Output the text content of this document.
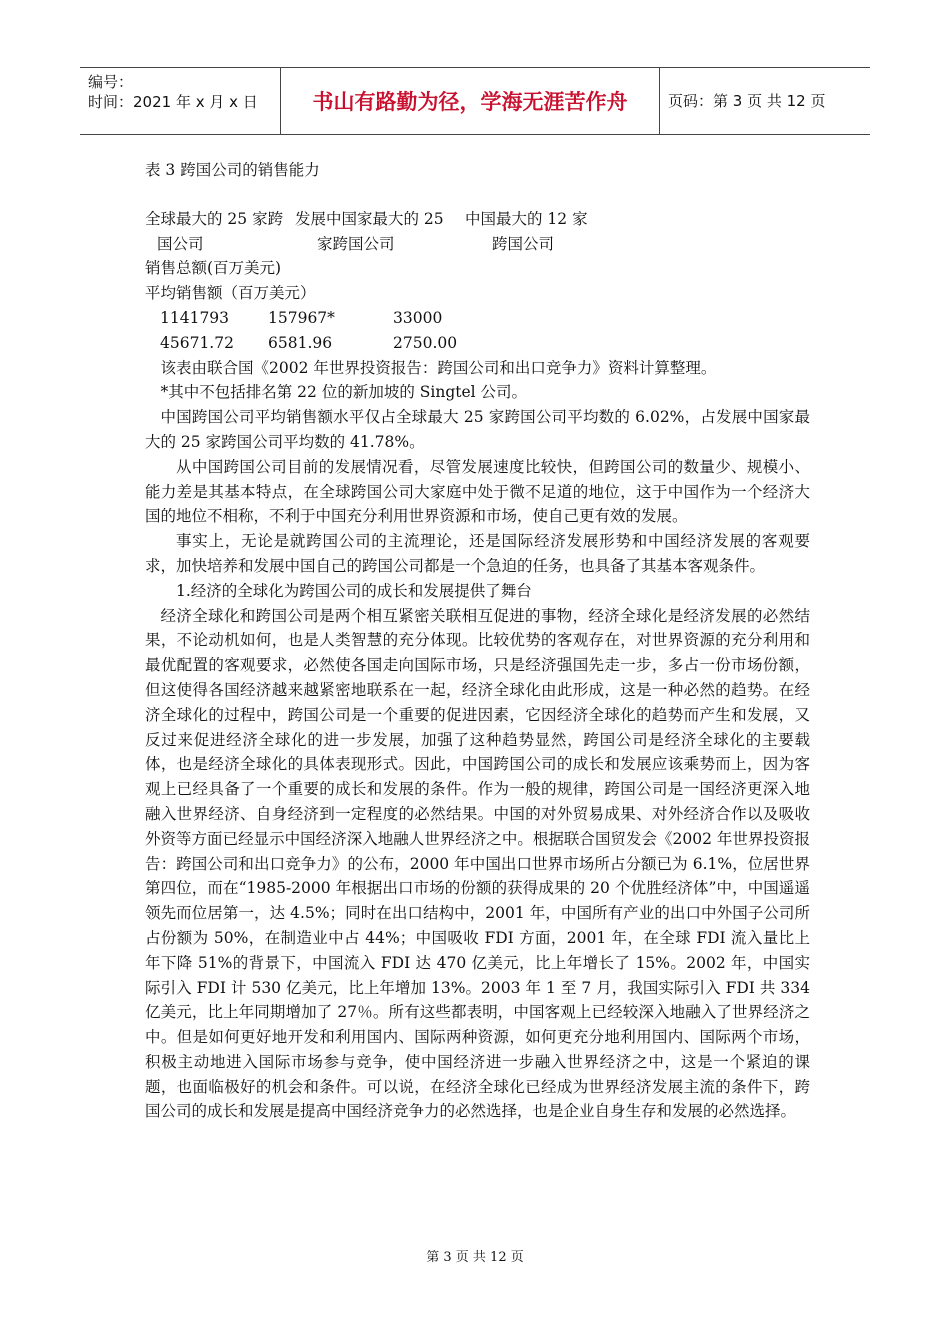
编号：
时间：2021 年 x 月 x 日	书山有路勤为径，学海无涯苦作舟	页码：第 3 页 共 12 页

表 3 跨国公司的销售能力

全球最大的 25 家跨 发展中国家最大的 25	中国最大的 12 家
国公司	家跨国公司	跨国公司

销售总额(百万美元)

平均销售额（百万美元）

1141793	157967*	33000
45671.72	6581.96	2750.00

该表由联合国《2002 年世界投资报告：跨国公司和出口竞争力》资料计算整理。

*其中不包括排名第 22 位的新加坡的 Singtel 公司。

中国跨国公司平均销售额水平仅占全球最大 25 家跨国公司平均数的 6.02%，占发展中国家最大的 25 家跨国公司平均数的 41.78%。

从中国跨国公司目前的发展情况看，尽管发展速度比较快，但跨国公司的数量少、规模小、能力差是其基本特点，在全球跨国公司大家庭中处于微不足道的地位，这于中国作为一个经济大国的地位不相称，不利于中国充分利用世界资源和市场，使自己更有效的发展。

事实上，无论是就跨国公司的主流理论，还是国际经济发展形势和中国经济发展的客观要求，加快培养和发展中国自己的跨国公司都是一个急迫的任务，也具备了其基本客观条件。

1.经济的全球化为跨国公司的成长和发展提供了舞台

经济全球化和跨国公司是两个相互紧密关联相互促进的事物，经济全球化是经济发展的必然结果，不论动机如何，也是人类智慧的充分体现。比较优势的客观存在，对世界资源的充分利用和最优配置的客观要求，必然使各国走向国际市场，只是经济强国先走一步，多占一份市场份额，但这使得各国经济越来越紧密地联系在一起，经济全球化由此形成，这是一种必然的趋势。在经济全球化的过程中，跨国公司是一个重要的促进因素，它因经济全球化的趋势而产生和发展，又反过来促进经济全球化的进一步发展，加强了这种趋势显然，跨国公司是经济全球化的主要载体，也是经济全球化的具体表现形式。因此，中国跨国公司的成长和发展应该乘势而上，因为客观上已经具备了一个重要的成长和发展的条件。作为一般的规律，跨国公司是一国经济更深入地融入世界经济、自身经济到一定程度的必然结果。中国的对外贸易成果、对外经济合作以及吸收外资等方面已经显示中国经济深入地融人世界经济之中。根据联合国贸发会《2002 年世界投资报告：跨国公司和出口竞争力》的公布，2000 年中国出口世界市场所占分额已为 6.1%，位居世界第四位，而在“1985-2000 年根据出口市场的份额的获得成果的 20 个优胜经济体”中，中国遥遥领先而位居第一，达 4.5%；同时在出口结构中，2001 年，中国所有产业的出口中外国子公司所占份额为 50%，在制造业中占 44%；中国吸收 FDI 方面，2001 年，在全球 FDI 流入量比上年下降 51%的背景下，中国流入 FDI 达 470 亿美元，比上年增长了 15%。2002 年，中国实际引入 FDI 计 530 亿美元，比上年增加 13%。2003 年 1 至 7 月，我国实际引入 FDI 共 334 亿美元，比上年同期增加了 27％。所有这些都表明，中国客观上已经较深入地融入了世界经济之中。但是如何更好地开发和利用国内、国际两种资源，如何更充分地利用国内、国际两个市场，积极主动地进入国际市场参与竞争，使中国经济进一步融入世界经济之中，这是一个紧迫的课题，也面临极好的机会和条件。可以说，在经济全球化已经成为世界经济发展主流的条件下，跨国公司的成长和发展是提高中国经济竞争力的必然选择，也是企业自身生存和发展的必然选择。

第 3 页 共 12 页
